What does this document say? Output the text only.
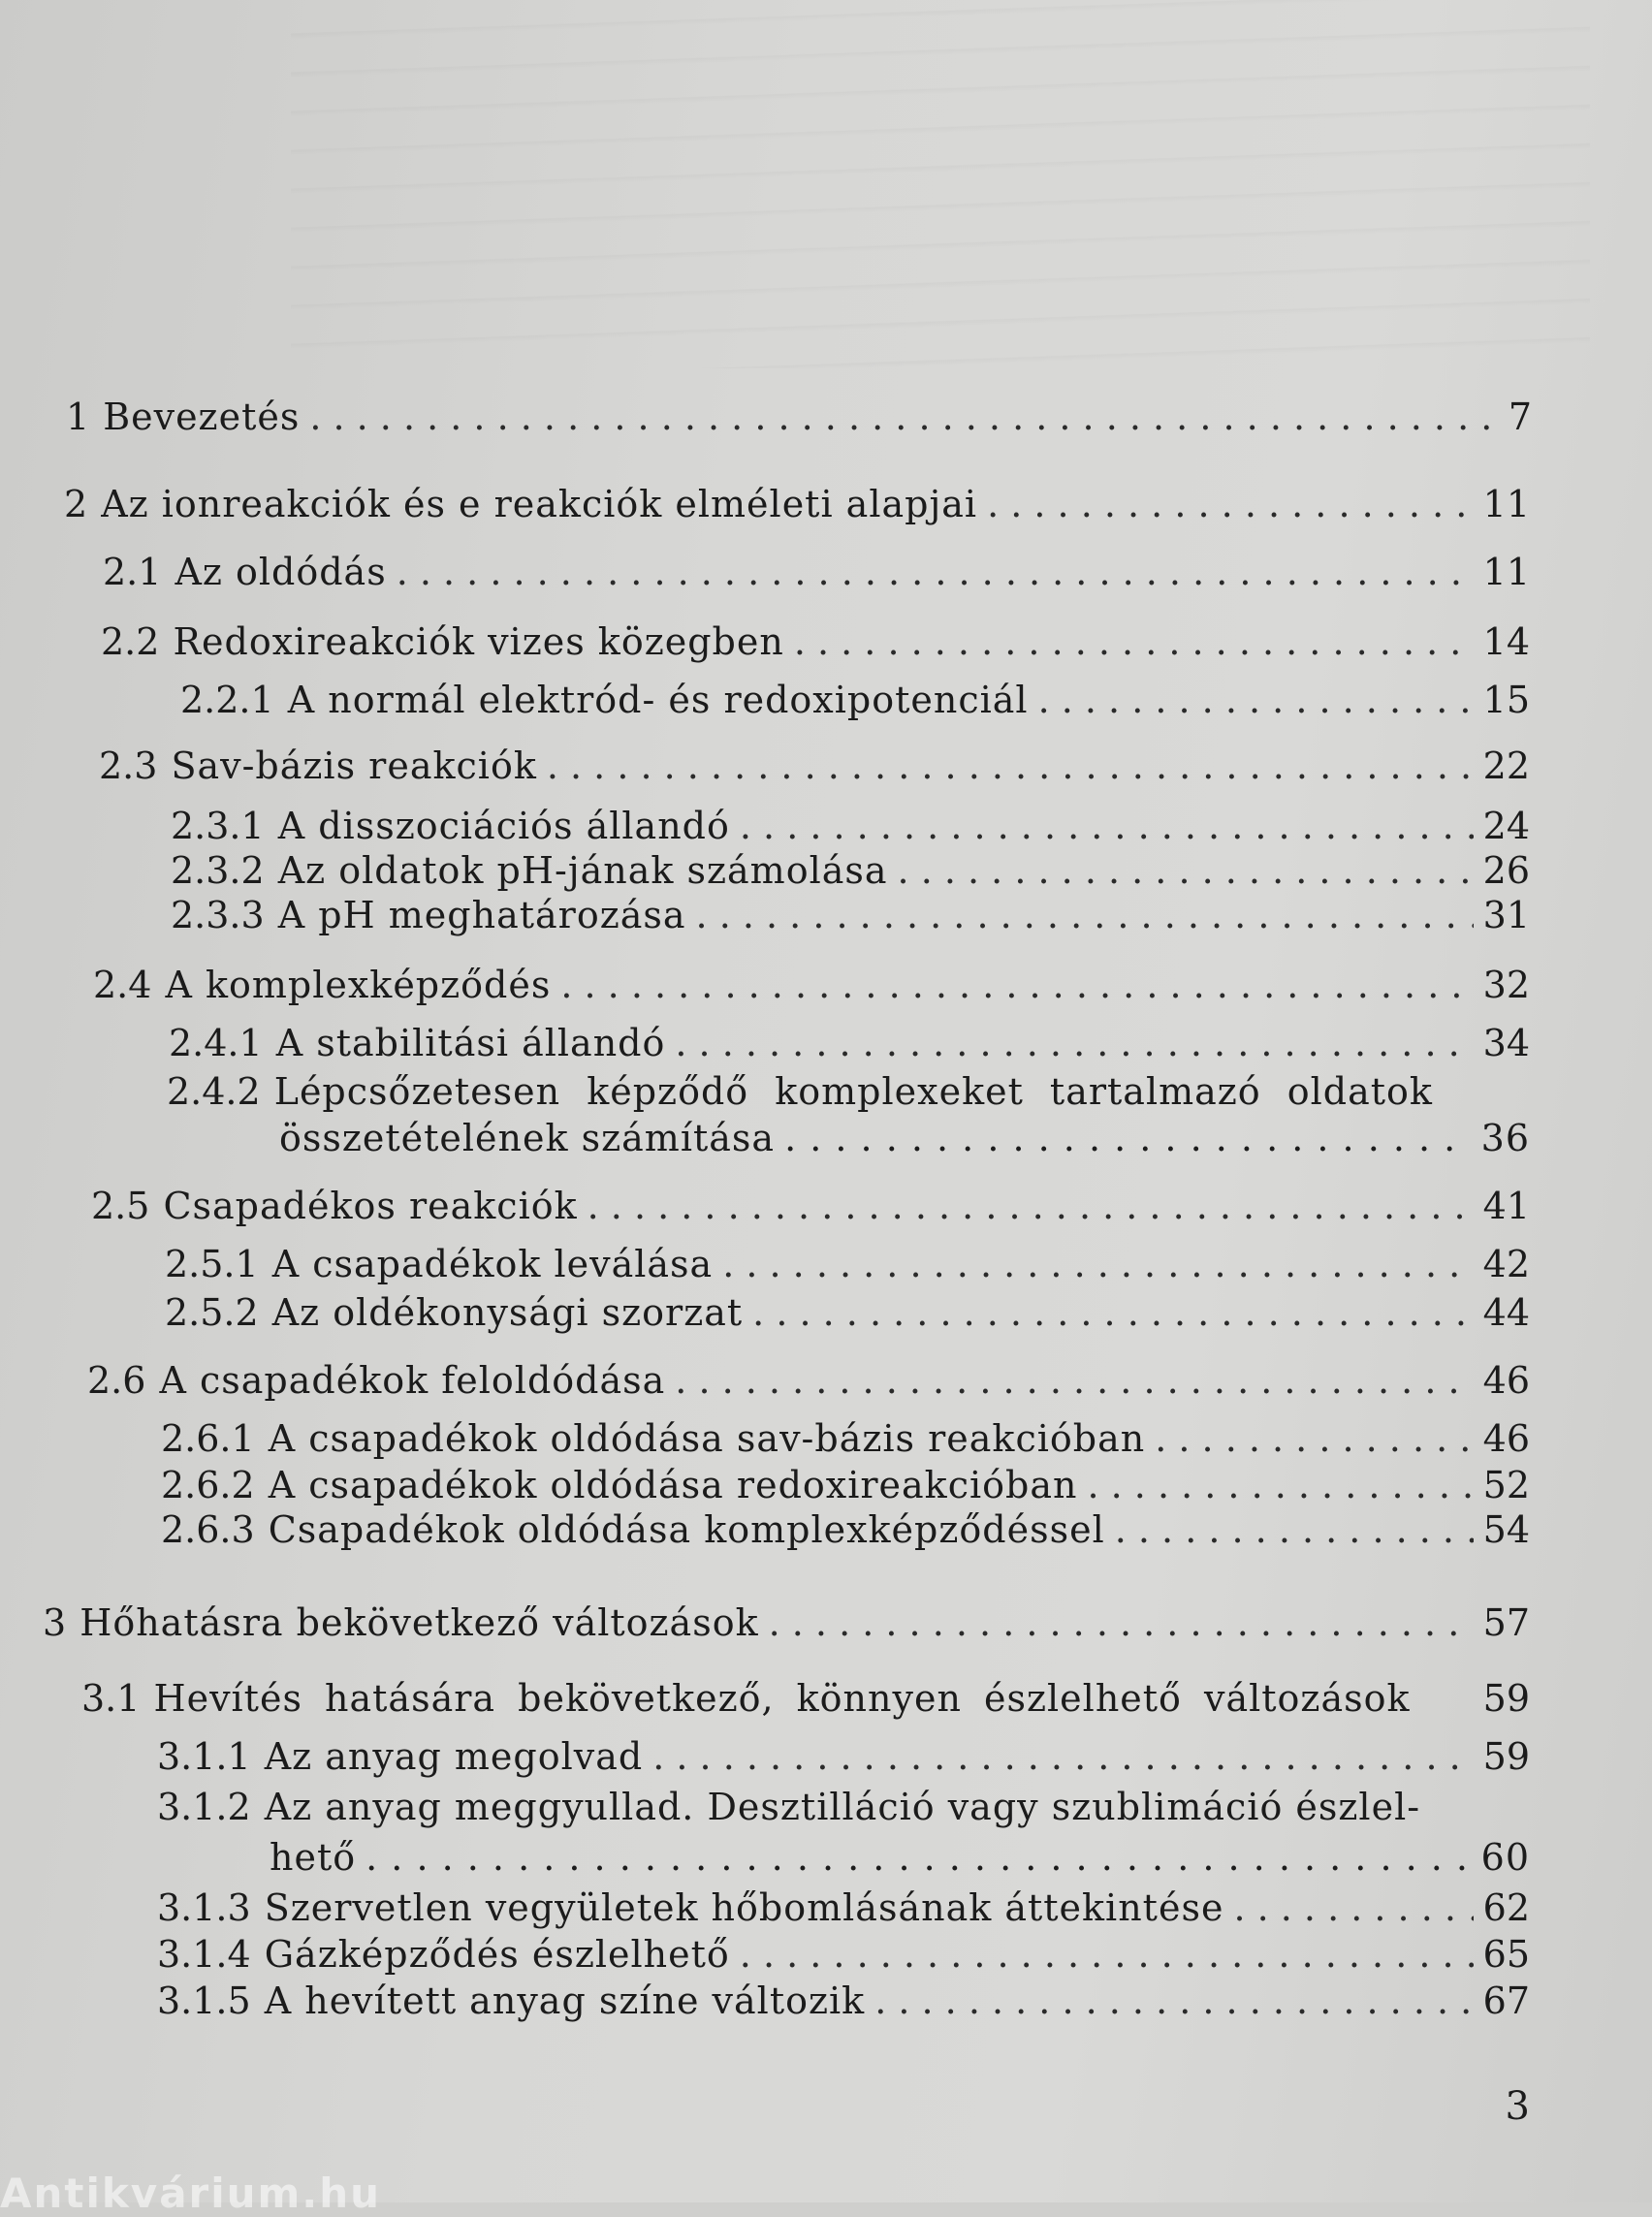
1 Bevezetés . . .	7
2 Az ionreakciók és e reakciók elméleti alapjai . . .	11
2.1 Az oldódás . . .	11
2.2 Redoxireakciók vizes közegben . . .	14
2.2.1 A normál elektród- és redoxipotenciál . . .	15
2.3 Sav-bázis reakciók . . .	22
2.3.1 A disszociációs állandó . . .	24
2.3.2 Az oldatok pH-jának számolása . . .	26
2.3.3 A pH meghatározása . . .	31
2.4 A komplexképződés . . .	32
2.4.1 A stabilitási állandó . . .	34
2.4.2 Lépcsőzetesen képződő komplexeket tartalmazó oldatok
összetételének számítása . . .	36
2.5 Csapadékos reakciók . . .	41
2.5.1 A csapadékok leválása . . .	42
2.5.2 Az oldékonysági szorzat . . .	44
2.6 A csapadékok feloldódása . . .	46
2.6.1 A csapadékok oldódása sav-bázis reakcióban . . .	46
2.6.2 A csapadékok oldódása redoxireakcióban . . .	52
2.6.3 Csapadékok oldódása komplexképződéssel . . .	54
3 Hőhatásra bekövetkező változások . . .	57
3.1 Hevítés hatására bekövetkező, könnyen észlelhető változások 59
3.1.1 Az anyag megolvad . . .	59
3.1.2 Az anyag meggyullad. Desztilláció vagy szublimáció észlel-
hető . . .	60
3.1.3 Szervetlen vegyületek hőbomlásának áttekintése . . .	62
3.1.4 Gázképződés észlelhető . . .	65
3.1.5 A hevített anyag színe változik . . .	67
3
Antikvárium.hu
